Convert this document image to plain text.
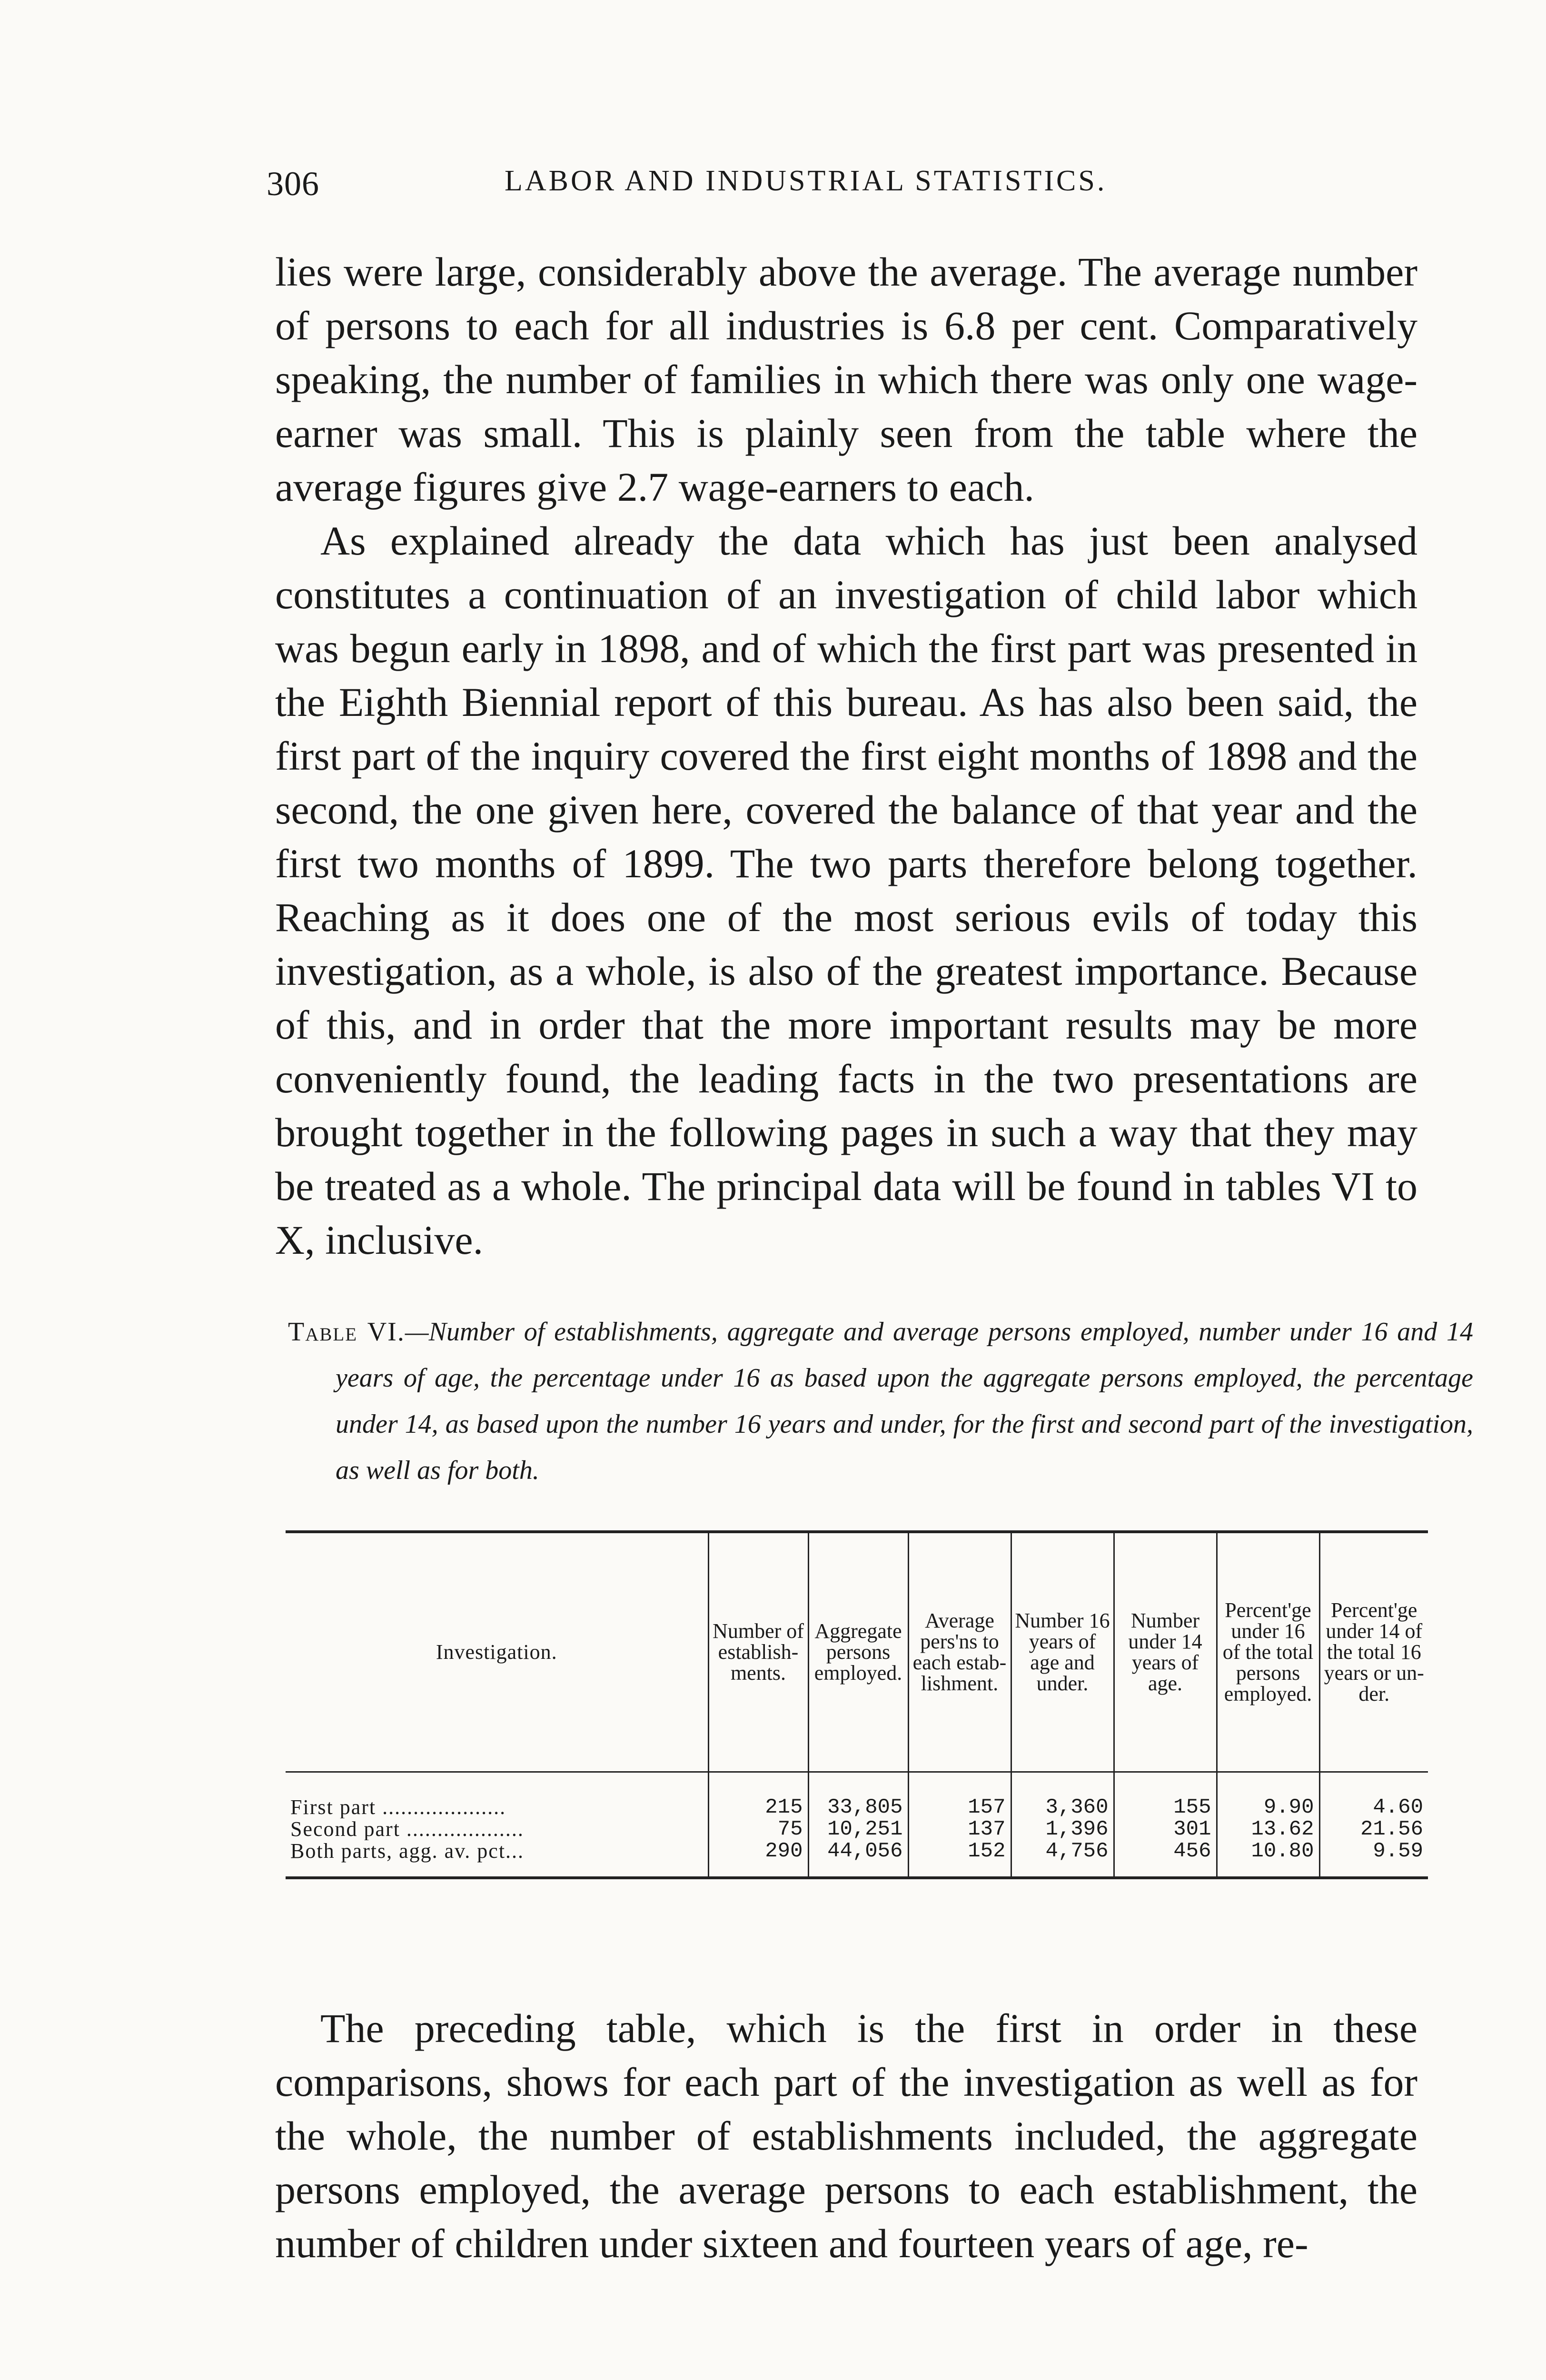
306	LABOR AND INDUSTRIAL STATISTICS.

lies were large, considerably above the average. The average number of persons to each for all industries is 6.8 per cent. Comparatively speaking, the number of families in which there was only one wage-earner was small. This is plainly seen from the table where the average figures give 2.7 wage-earners to each.

As explained already the data which has just been analysed constitutes a continuation of an investigation of child labor which was begun early in 1898, and of which the first part was presented in the Eighth Biennial report of this bureau. As has also been said, the first part of the inquiry covered the first eight months of 1898 and the second, the one given here, covered the balance of that year and the first two months of 1899. The two parts therefore belong together. Reaching as it does one of the most serious evils of today this investigation, as a whole, is also of the greatest importance. Because of this, and in order that the more important results may be more conveniently found, the leading facts in the two presentations are brought together in the following pages in such a way that they may be treated as a whole. The principal data will be found in tables VI to X, inclusive.

Table VI.—Number of establishments, aggregate and average persons employed, number under 16 and 14 years of age, the percentage under 16 as based upon the aggregate persons employed, the percentage under 14, as based upon the number 16 years and under, for the first and second part of the investigation, as well as for both.

Investigation.	Number of establishments.	Aggregate persons employed.	Average pers'ns to each establishment.	Number 16 years of age and under.	Number under 14 years of age.	Percent'ge under 16 of the total persons employed.	Percent'ge under 14 of the total 16 years or under.
First part ....................	215	33,805	157	3,360	155	9.90	4.60
Second part ...................	75	10,251	137	1,396	301	13.62	21.56
Both parts, agg. av. pct...	290	44,056	152	4,756	456	10.80	9.59

The preceding table, which is the first in order in these comparisons, shows for each part of the investigation as well as for the whole, the number of establishments included, the aggregate persons employed, the average persons to each establishment, the number of children under sixteen and fourteen years of age, re-
